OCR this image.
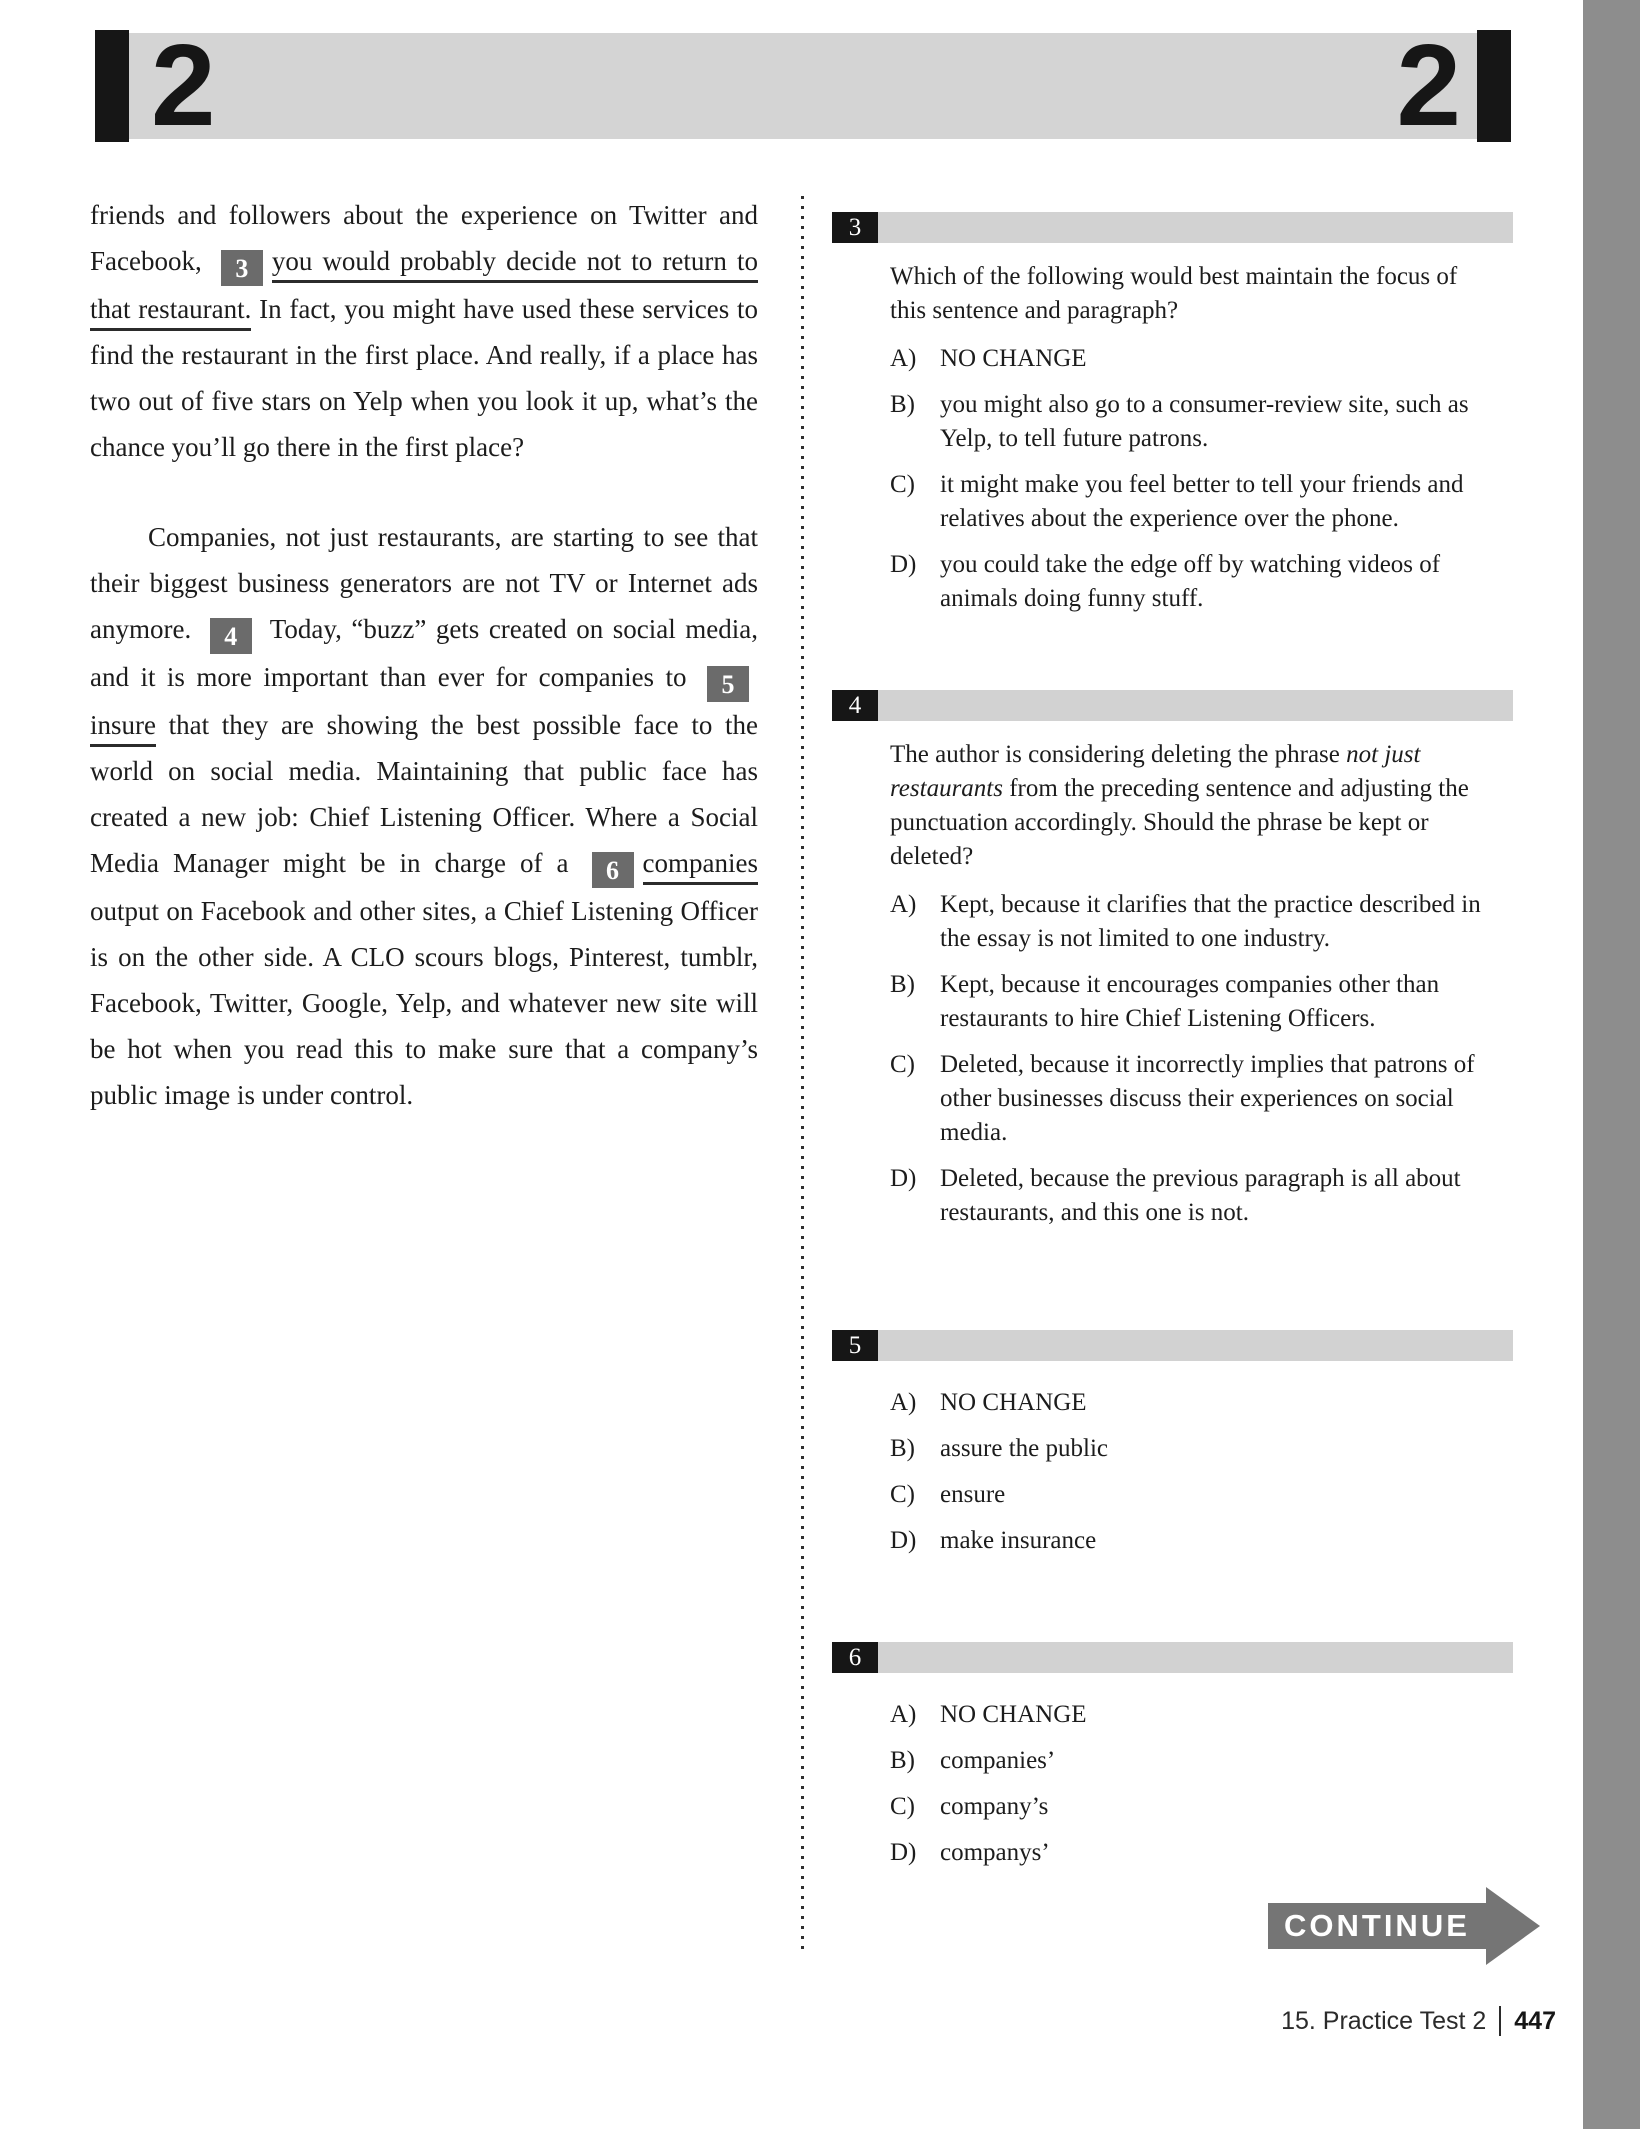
2	2

friends and followers about the experience on Twitter and Facebook, 3 you would probably decide not to return to that restaurant. In fact, you might have used these services to find the restaurant in the first place. And really, if a place has two out of five stars on Yelp when you look it up, what’s the chance you’ll go there in the first place?

Companies, not just restaurants, are starting to see that their biggest business generators are not TV or Internet ads anymore. 4 Today, “buzz” gets created on social media, and it is more important than ever for companies to 5insure that they are showing the best possible face to the world on social media. Maintaining that public face has created a new job: Chief Listening Officer. Where a Social Media Manager might be in charge of a 6 companies output on Facebook and other sites, a Chief Listening Officer is on the other side. A CLO scours blogs, Pinterest, tumblr, Facebook, Twitter, Google, Yelp, and whatever new site will be hot when you read this to make sure that a company’s public image is under control.

3

Which of the following would best maintain the focus of this sentence and paragraph?

A) NO CHANGE
B)	you might also go to a consumer-review site, such as Yelp, to tell future patrons.
C)	it might make you feel better to tell your friends and relatives about the experience over the phone.
D) you could take the edge off by watching videos of animals doing funny stuff.
4

The author is considering deleting the phrase not just restaurants from the preceding sentence and adjusting the punctuation accordingly. Should the phrase be kept or deleted?

A) Kept, because it clarifies that the practice described in the essay is not limited to one industry.
B)	Kept, because it encourages companies other than restaurants to hire Chief Listening Officers.
C)	Deleted, because it incorrectly implies that patrons of other businesses discuss their experiences on social media.
D) Deleted, because the previous paragraph is all about restaurants, and this one is not.
5
A) NO CHANGE
B)	assure the public
C)	ensure
D) make insurance
6
A) NO CHANGE
B)	companies’
C)	company’s
D) companys’
CONTINUE
15. Practice Test 2 447
